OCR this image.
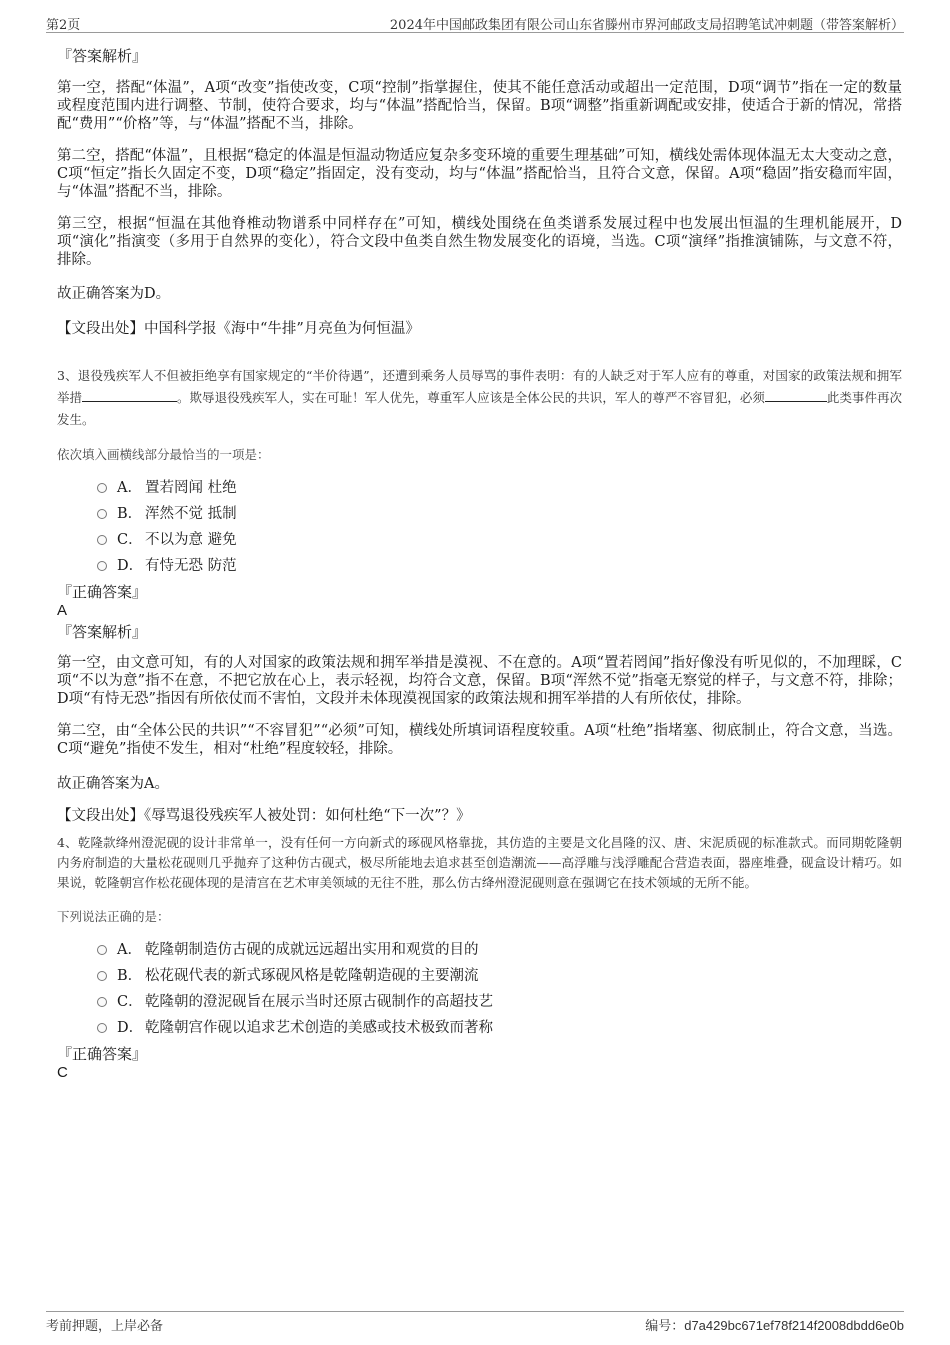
第2页	2024年中国邮政集团有限公司山东省滕州市界河邮政支局招聘笔试冲刺题（带答案解析）

『答案解析』

第一空，搭配“体温”，A项“改变”指使改变，C项“控制”指掌握住，使其不能任意活动或超出一定范围，D项“调节”指在一定的数量或程度范围内进行调整、节制，使符合要求，均与“体温”搭配恰当，保留。B项“调整”指重新调配或安排，使适合于新的情况，常搭配“费用”“价格”等，与“体温”搭配不当，排除。

第二空，搭配“体温”，且根据“稳定的体温是恒温动物适应复杂多变环境的重要生理基础”可知，横线处需体现体温无太大变动之意，C项“恒定”指长久固定不变，D项“稳定”指固定，没有变动，均与“体温”搭配恰当，且符合文意，保留。A项“稳固”指安稳而牢固，与“体温”搭配不当，排除。

第三空，根据“恒温在其他脊椎动物谱系中同样存在”可知，横线处围绕在鱼类谱系发展过程中也发展出恒温的生理机能展开，D项“演化”指演变（多用于自然界的变化），符合文段中鱼类自然生物发展变化的语境，当选。C项“演绎”指推演铺陈，与文意不符，排除。

故正确答案为D。

【文段出处】中国科学报《海中“牛排”月亮鱼为何恒温》

3、退役残疾军人不但被拒绝享有国家规定的“半价待遇”，还遭到乘务人员辱骂的事件表明：有的人缺乏对于军人应有的尊重，对国家的政策法规和拥军举措	。欺辱退役残疾军人，实在可耻！军人优先，尊重军人应该是全体公民的共识，军人的尊严不容冒犯，必须	此类事件再次发生。

依次填入画横线部分最恰当的一项是：

A． 置若罔闻 杜绝
B． 浑然不觉 抵制
C． 不以为意 避免
D． 有恃无恐 防范

『正确答案』

A

『答案解析』

第一空，由文意可知，有的人对国家的政策法规和拥军举措是漠视、不在意的。A项“置若罔闻”指好像没有听见似的，不加理睬，C项“不以为意”指不在意，不把它放在心上，表示轻视，均符合文意，保留。B项“浑然不觉”指毫无察觉的样子，与文意不符，排除；D项“有恃无恐”指因有所依仗而不害怕，文段并未体现漠视国家的政策法规和拥军举措的人有所依仗，排除。

第二空，由“全体公民的共识”“不容冒犯”“必须”可知，横线处所填词语程度较重。A项“杜绝”指堵塞、彻底制止，符合文意，当选。C项“避免”指使不发生，相对“杜绝”程度较轻，排除。

故正确答案为A。

【文段出处】《辱骂退役残疾军人被处罚：如何杜绝“下一次”？》

4、乾隆款绛州澄泥砚的设计非常单一，没有任何一方向新式的琢砚风格靠拢，其仿造的主要是文化昌隆的汉、唐、宋泥质砚的标准款式。而同期乾隆朝内务府制造的大量松花砚则几乎抛弃了这种仿古砚式，极尽所能地去追求甚至创造潮流——高浮雕与浅浮雕配合营造表面，器座堆叠，砚盒设计精巧。如果说，乾隆朝宫作松花砚体现的是清宫在艺术审美领域的无往不胜，那么仿古绛州澄泥砚则意在强调它在技术领域的无所不能。

下列说法正确的是：

A． 乾隆朝制造仿古砚的成就远远超出实用和观赏的目的
B． 松花砚代表的新式琢砚风格是乾隆朝造砚的主要潮流
C． 乾隆朝的澄泥砚旨在展示当时还原古砚制作的高超技艺
D． 乾隆朝宫作砚以追求艺术创造的美感或技术极致而著称

『正确答案』

C

考前押题，上岸必备	编号：d7a429bc671ef78f214f2008dbdd6e0b
